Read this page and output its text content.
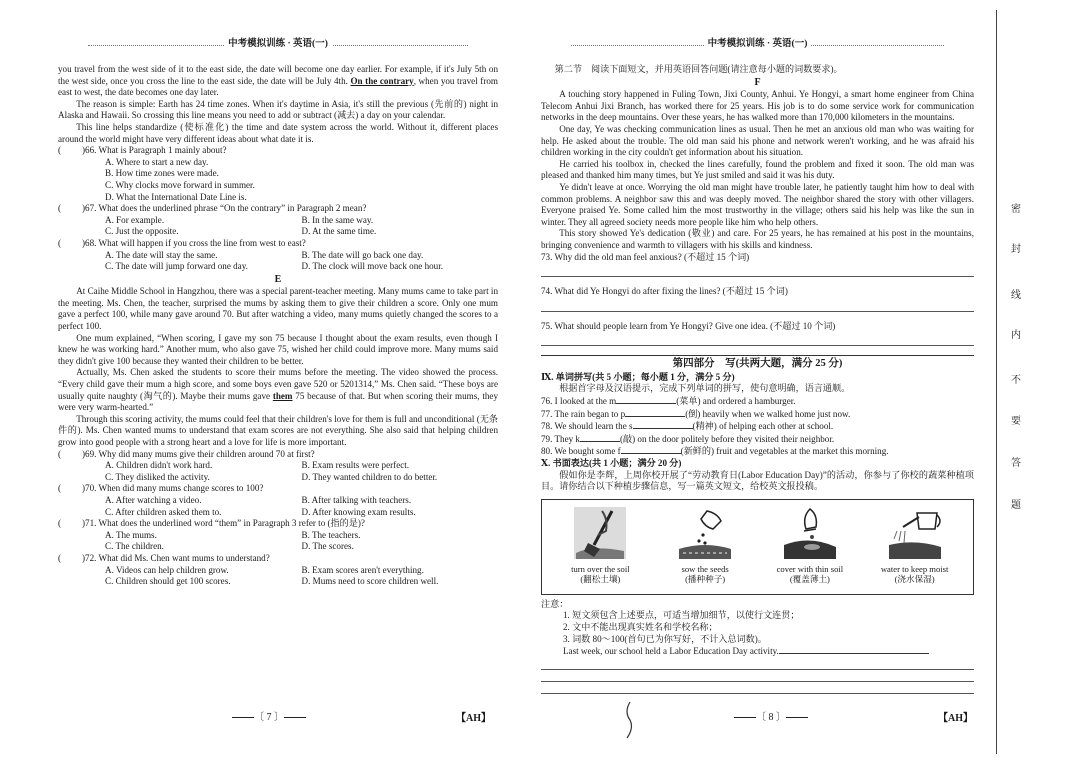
中考模拟训练 · 英语(一)

you travel from the west side of it to the east side, the date will become one day earlier. For example, if it's July 5th on the west side, once you cross the line to the east side, the date will be July 4th. On the contrary, when you travel from east to west, the date becomes one day later.

The reason is simple: Earth has 24 time zones. When it's daytime in Asia, it's still the previous (先前的) night in Alaska and Hawaii. So crossing this line means you need to add or subtract (减去) a day on your calendar.

This line helps standardize (使标准化) the time and date system across the world. Without it, different places around the world might have very different ideas about what date it is.

(	)66. What is Paragraph 1 mainly about?
A. Where to start a new day.
B. How time zones were made.
C. Why clocks move forward in summer.
D. What the International Date Line is.
(	)67. What does the underlined phrase “On the contrary” in Paragraph 2 mean?
A. For example.	B. In the same way.
C. Just the opposite.	D. At the same time.
(	)68. What will happen if you cross the line from west to east?
A. The date will stay the same.	B. The date will go back one day.
C. The date will jump forward one day.	D. The clock will move back one hour.
E

At Caihe Middle School in Hangzhou, there was a special parent-teacher meeting. Many mums came to take part in the meeting. Ms. Chen, the teacher, surprised the mums by asking them to give their children a score. Only one mum gave a perfect 100, while many gave around 70. But after watching a video, many mums quietly changed the scores to a perfect 100.

One mum explained, “When scoring, I gave my son 75 because I thought about the exam results, even though I knew he was working hard.” Another mum, who also gave 75, wished her child could improve more. Many mums said they didn't give 100 because they wanted their children to be better.

Actually, Ms. Chen asked the students to score their mums before the meeting. The video showed the process. “Every child gave their mum a high score, and some boys even gave 520 or 5201314,” Ms. Chen said. “These boys are usually quite naughty (淘气的). Maybe their mums gave them 75 because of that. But when scoring their mums, they were very warm-hearted.”

Through this scoring activity, the mums could feel that their children's love for them is full and unconditional (无条件的). Ms. Chen wanted mums to understand that exam scores are not everything. She also said that helping children grow into good people with a strong heart and a love for life is more important.

(	)69. Why did many mums give their children around 70 at first?
A. Children didn't work hard.	B. Exam results were perfect.
C. They disliked the activity.	D. They wanted children to do better.
(	)70. When did many mums change scores to 100?
A. After watching a video.	B. After talking with teachers.
C. After children asked them to.	D. After knowing exam results.
(	)71. What does the underlined word “them” in Paragraph 3 refer to (指的是)?
A. The mums.	B. The teachers.
C. The children.	D. The scores.
(	)72. What did Ms. Chen want mums to understand?
A. Videos can help children grow.	B. Exam scores aren't everything.
C. Children should get 100 scores.	D. Mums need to score children well.
〔 7 〕	【AH】
中考模拟训练 · 英语(一)

第二节　阅读下面短文，并用英语回答问题(请注意每小题的词数要求)。

F

A touching story happened in Fuling Town, Jixi County, Anhui. Ye Hongyi, a smart home engineer from China Telecom Anhui Jixi Branch, has worked there for 25 years. His job is to do some service work for communication networks in the deep mountains. Over these years, he has walked more than 170,000 kilometers in the mountains.

One day, Ye was checking communication lines as usual. Then he met an anxious old man who was waiting for help. He asked about the trouble. The old man said his phone and network weren't working, and he was afraid his children working in the city couldn't get information about his situation.

He carried his toolbox in, checked the lines carefully, found the problem and fixed it soon. The old man was pleased and thanked him many times, but Ye just smiled and said it was his duty.

Ye didn't leave at once. Worrying the old man might have trouble later, he patiently taught him how to deal with common problems. A neighbor saw this and was deeply moved. The neighbor shared the story with other villagers. Everyone praised Ye. Some called him the most trustworthy in the village; others said his help was like the sun in winter. They all agreed society needs more people like him who help others.

This story showed Ye's dedication (敬业) and care. For 25 years, he has remained at his post in the mountains, bringing convenience and warmth to villagers with his skills and kindness.

73. Why did the old man feel anxious? (不超过 15 个词)
74. What did Ye Hongyi do after fixing the lines? (不超过 15 个词)
75. What should people learn from Ye Hongyi? Give one idea. (不超过 10 个词)
第四部分　写(共两大题，满分 25 分)
Ⅸ. 单词拼写(共 5 小题；每小题 1 分，满分 5 分)
根据首字母及汉语提示，完成下列单词的拼写，使句意明确，语言通顺。
76. I looked at the m	(菜单) and ordered a hamburger.
77. The rain began to p	(倒) heavily when we walked home just now.
78. We should learn the s	(精神) of helping each other at school.
79. They k	(敲) on the door politely before they visited their neighbor.
80. We bought some f	(新鲜的) fruit and vegetables at the market this morning.
Ⅹ. 书面表达(共 1 小题；满分 20 分)

假如你是李辉，上周你校开展了“劳动教育日(Labor Education Day)”的活动，你参与了你校的蔬菜种植项目。请你结合以下种植步骤信息，写一篇英文短文，给校英文报投稿。

turn over the soil
(翻松土壤)
sow the seeds
(播种种子)
cover with thin soil
(覆盖薄土)
water to keep moist
(浇水保湿)
注意：
1. 短文须包含上述要点，可适当增加细节，以使行文连贯；
2. 文中不能出现真实姓名和学校名称；
3. 词数 80～100(首句已为你写好，不计入总词数)。
Last week, our school held a Labor Education Day activity.
〔 8 〕	【AH】
密
封
线
内
不
要
答
题
